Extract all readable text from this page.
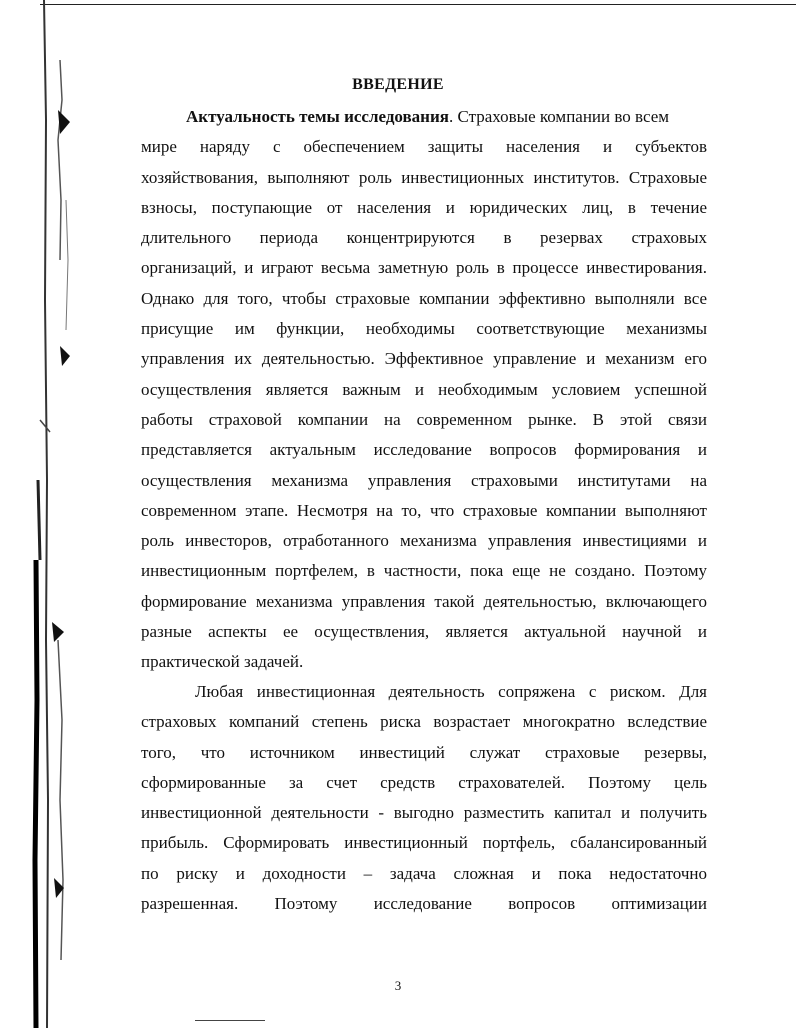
ВВЕДЕНИЕ
Актуальность темы исследования. Страховые компании во всем
мире наряду с обеспечением защиты населения и субъектов
хозяйствования, выполняют роль инвестиционных институтов. Страховые
взносы, поступающие от населения и юридических лиц, в течение
длительного периода концентрируются в резервах страховых
организаций, и играют весьма заметную роль в процессе инвестирования.
Однако для того, чтобы страховые компании эффективно выполняли все
присущие им функции, необходимы соответствующие механизмы
управления их деятельностью. Эффективное управление и механизм его
осуществления является важным и необходимым условием успешной
работы страховой компании на современном рынке. В этой связи
представляется актуальным исследование вопросов формирования и
осуществления механизма управления страховыми институтами на
современном этапе. Несмотря на то, что страховые компании выполняют
роль инвесторов, отработанного механизма управления инвестициями и
инвестиционным портфелем, в частности, пока еще не создано. Поэтому
формирование механизма управления такой деятельностью, включающего
разные аспекты ее осуществления, является актуальной научной и
практической задачей.
Любая инвестиционная деятельность сопряжена с риском. Для
страховых компаний степень риска возрастает многократно вследствие
того, что источником инвестиций служат страховые резервы,
сформированные за счет средств страхователей. Поэтому цель
инвестиционной деятельности - выгодно разместить капитал и получить
прибыль. Сформировать инвестиционный портфель, сбалансированный
по риску и доходности – задача сложная и пока недостаточно
разрешенная. Поэтому исследование вопросов оптимизации
3
